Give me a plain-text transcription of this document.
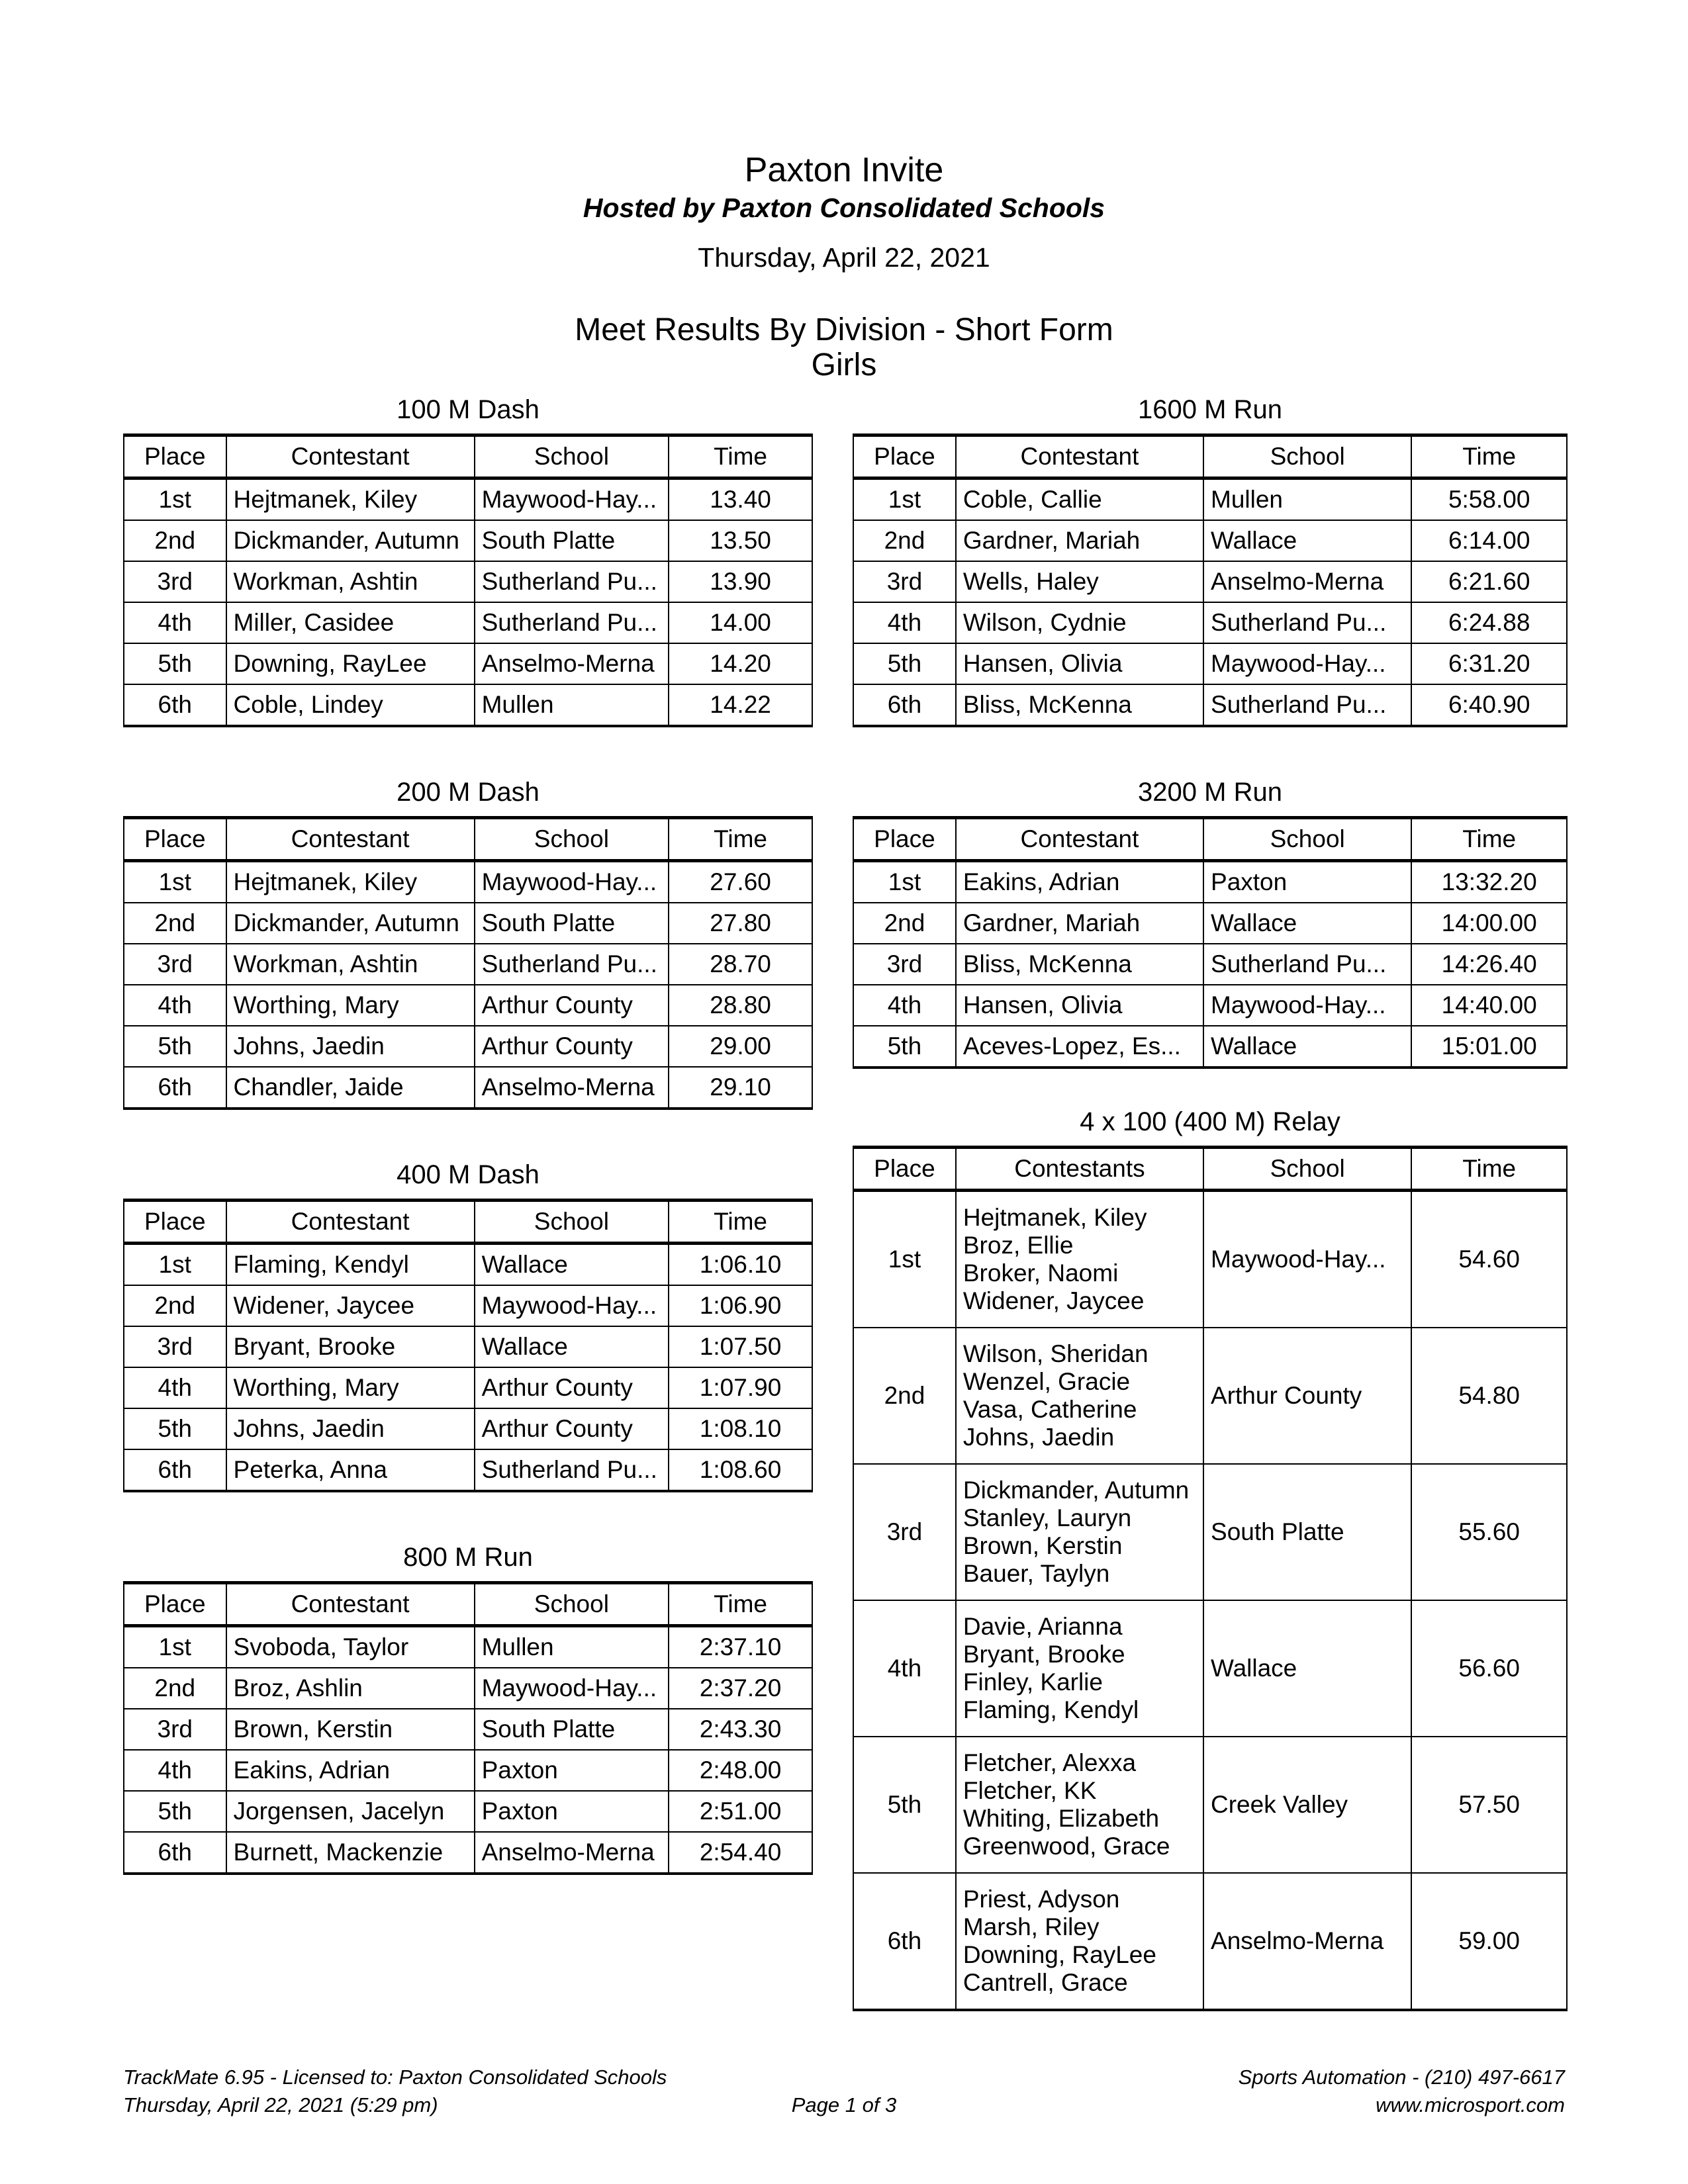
Paxton Invite
Hosted by Paxton Consolidated Schools
Thursday, April 22, 2021
Meet Results By Division - Short Form
Girls
100 M Dash
Place	Contestant	School	Time
1st	Hejtmanek, Kiley	Maywood-Hay...	13.40
2nd	Dickmander, Autumn	South Platte	13.50
3rd	Workman, Ashtin	Sutherland Pu...	13.90
4th	Miller, Casidee	Sutherland Pu...	14.00
5th	Downing, RayLee	Anselmo-Merna	14.20
6th	Coble, Lindey	Mullen	14.22
200 M Dash
Place	Contestant	School	Time
1st	Hejtmanek, Kiley	Maywood-Hay...	27.60
2nd	Dickmander, Autumn	South Platte	27.80
3rd	Workman, Ashtin	Sutherland Pu...	28.70
4th	Worthing, Mary	Arthur County	28.80
5th	Johns, Jaedin	Arthur County	29.00
6th	Chandler, Jaide	Anselmo-Merna	29.10
400 M Dash
Place	Contestant	School	Time
1st	Flaming, Kendyl	Wallace	1:06.10
2nd	Widener, Jaycee	Maywood-Hay...	1:06.90
3rd	Bryant, Brooke	Wallace	1:07.50
4th	Worthing, Mary	Arthur County	1:07.90
5th	Johns, Jaedin	Arthur County	1:08.10
6th	Peterka, Anna	Sutherland Pu...	1:08.60
800 M Run
Place	Contestant	School	Time
1st	Svoboda, Taylor	Mullen	2:37.10
2nd	Broz, Ashlin	Maywood-Hay...	2:37.20
3rd	Brown, Kerstin	South Platte	2:43.30
4th	Eakins, Adrian	Paxton	2:48.00
5th	Jorgensen, Jacelyn	Paxton	2:51.00
6th	Burnett, Mackenzie	Anselmo-Merna	2:54.40
1600 M Run
Place	Contestant	School	Time
1st	Coble, Callie	Mullen	5:58.00
2nd	Gardner, Mariah	Wallace	6:14.00
3rd	Wells, Haley	Anselmo-Merna	6:21.60
4th	Wilson, Cydnie	Sutherland Pu...	6:24.88
5th	Hansen, Olivia	Maywood-Hay...	6:31.20
6th	Bliss, McKenna	Sutherland Pu...	6:40.90
3200 M Run
Place	Contestant	School	Time
1st	Eakins, Adrian	Paxton	13:32.20
2nd	Gardner, Mariah	Wallace	14:00.00
3rd	Bliss, McKenna	Sutherland Pu...	14:26.40
4th	Hansen, Olivia	Maywood-Hay...	14:40.00
5th	Aceves-Lopez, Es...	Wallace	15:01.00
4 x 100 (400 M) Relay
Place	Contestants	School	Time
1st	Hejtmanek, Kiley
Broz, Ellie
Broker, Naomi
Widener, Jaycee	Maywood-Hay...	54.60
2nd	Wilson, Sheridan
Wenzel, Gracie
Vasa, Catherine
Johns, Jaedin	Arthur County	54.80
3rd	Dickmander, Autumn
Stanley, Lauryn
Brown, Kerstin
Bauer, Taylyn	South Platte	55.60
4th	Davie, Arianna
Bryant, Brooke
Finley, Karlie
Flaming, Kendyl	Wallace	56.60
5th	Fletcher, Alexxa
Fletcher, KK
Whiting, Elizabeth
Greenwood, Grace	Creek Valley	57.50
6th	Priest, Adyson
Marsh, Riley
Downing, RayLee
Cantrell, Grace	Anselmo-Merna	59.00
TrackMate 6.95 - Licensed to: Paxton Consolidated Schools	Sports Automation - (210) 497-6617
Thursday, April 22, 2021 (5:29 pm)	Page 1 of 3	www.microsport.com
